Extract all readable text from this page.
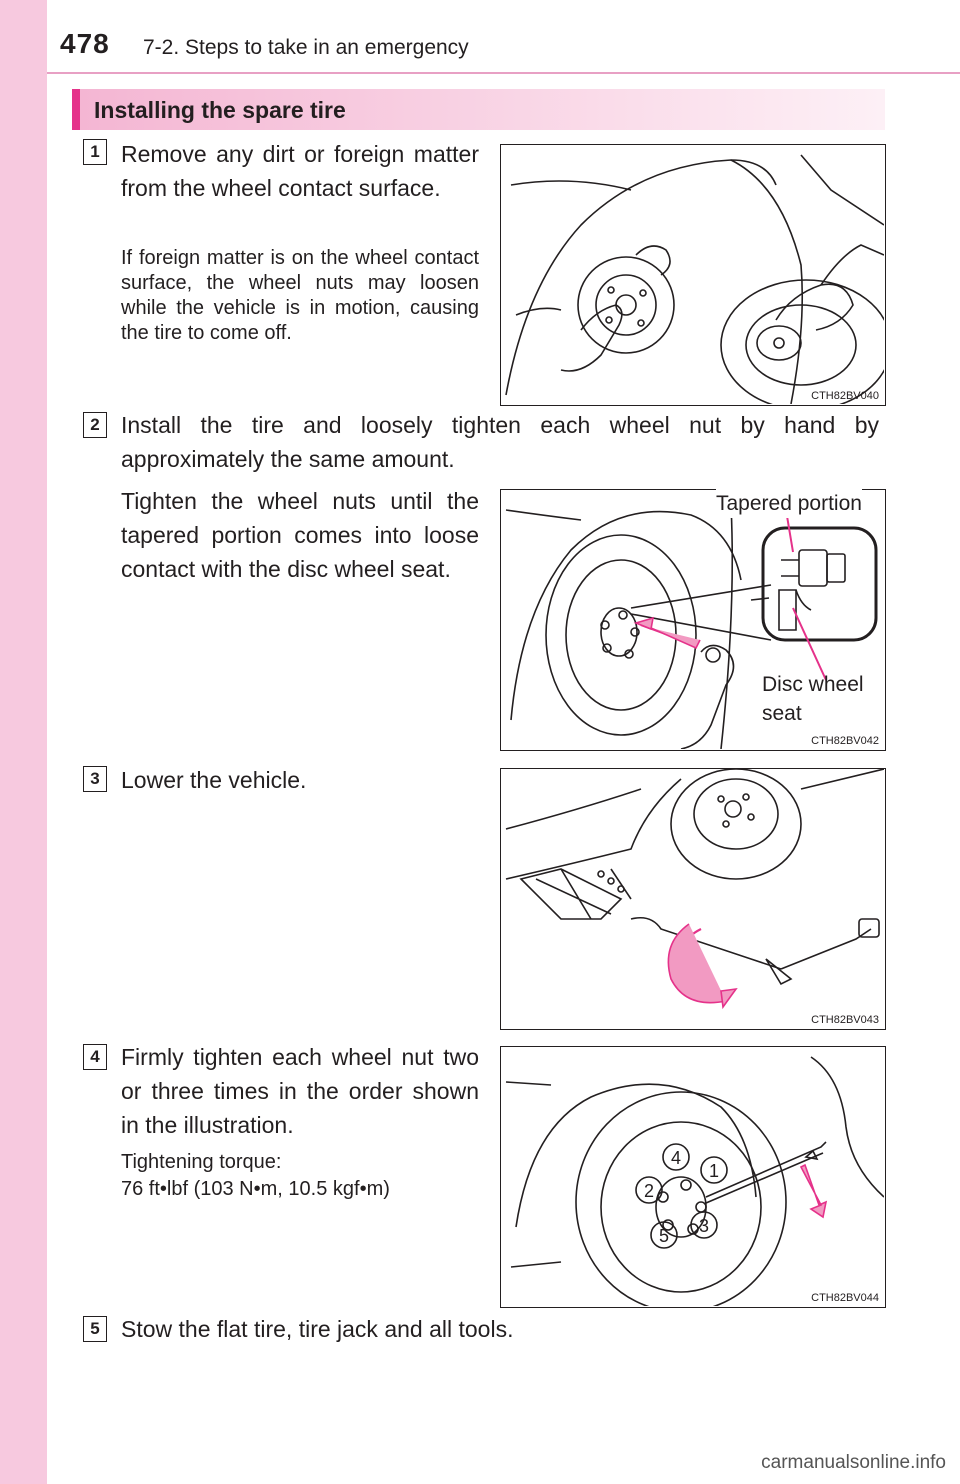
478 7-2. Steps to take in an emergency
Installing the spare tire
1 Remove any dirt or foreign matter from the wheel contact surface.
If foreign matter is on the wheel contact surface, the wheel nuts may loosen while the vehicle is in motion, causing the tire to come off.
CTH82BV040
2 Install the tire and loosely tighten each wheel nut by hand by approximately the same amount.
Tighten the wheel nuts until the tapered portion comes into loose contact with the disc wheel seat.
CTH82BV042
Tapered portion
Disc wheel seat
3 Lower the vehicle.
CTH82BV043
4 Firmly tighten each wheel nut two or three times in the order shown in the illustration.
Tightening torque:
76 ft•lbf (103 N•m, 10.5 kgf•m)
4
1
2
3
5
CTH82BV044
5 Stow the flat tire, tire jack and all tools.
carmanualsonline.info
